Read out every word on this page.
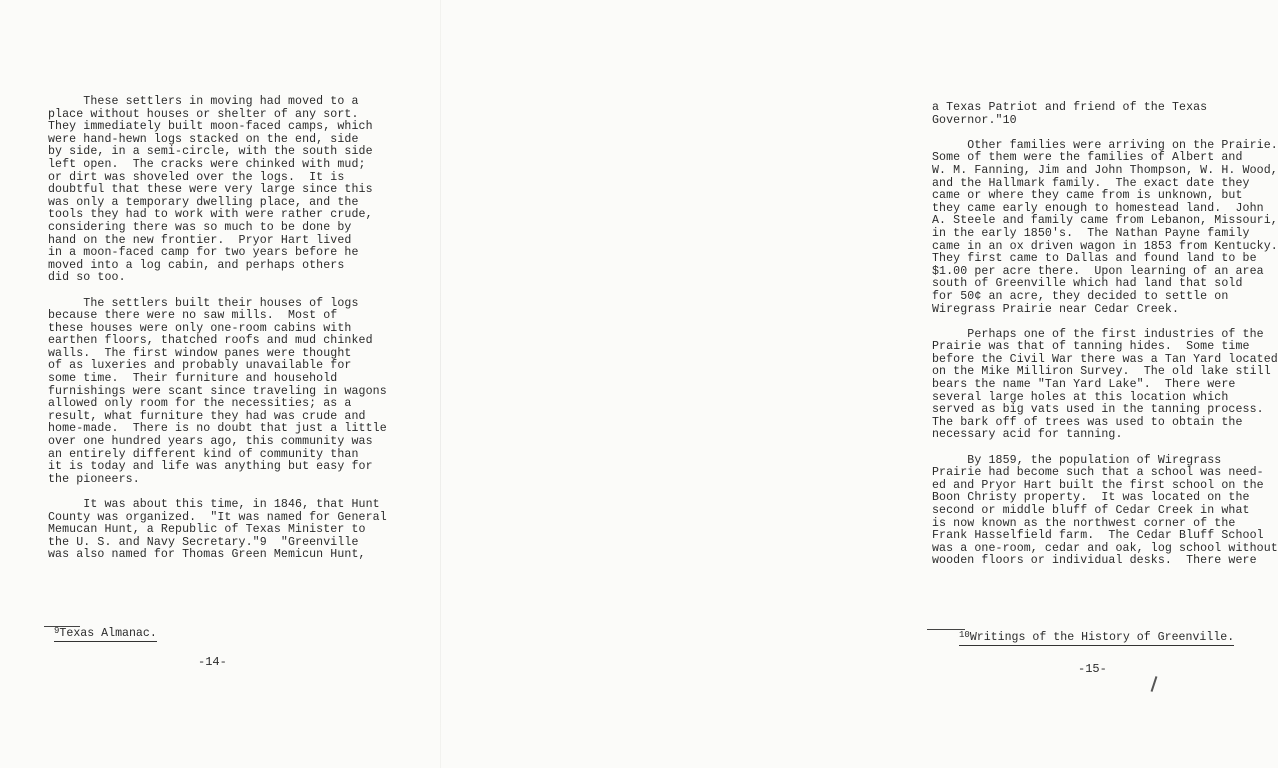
These settlers in moving had moved to a
place without houses or shelter of any sort.
They immediately built moon-faced camps, which
were hand-hewn logs stacked on the end, side
by side, in a semi-circle, with the south side
left open.  The cracks were chinked with mud;
or dirt was shoveled over the logs.  It is
doubtful that these were very large since this
was only a temporary dwelling place, and the
tools they had to work with were rather crude,
considering there was so much to be done by
hand on the new frontier.  Pryor Hart lived
in a moon-faced camp for two years before he
moved into a log cabin, and perhaps others
did so too.

The settlers built their houses of logs
because there were no saw mills.  Most of
these houses were only one-room cabins with
earthen floors, thatched roofs and mud chinked
walls.  The first window panes were thought
of as luxeries and probably unavailable for
some time.  Their furniture and household
furnishings were scant since traveling in wagons
allowed only room for the necessities; as a
result, what furniture they had was crude and
home-made.  There is no doubt that just a little
over one hundred years ago, this community was
an entirely different kind of community than
it is today and life was anything but easy for
the pioneers.

It was about this time, in 1846, that Hunt
County was organized.  "It was named for General
Memucan Hunt, a Republic of Texas Minister to
the U. S. and Navy Secretary."9  "Greenville
was also named for Thomas Green Memicun Hunt,
$^9$Texas Almanac.
-14-
a Texas Patriot and friend of the Texas
Governor."10

Other families were arriving on the Prairie.
Some of them were the families of Albert and
W. M. Fanning, Jim and John Thompson, W. H. Wood,
and the Hallmark family.  The exact date they
came or where they came from is unknown, but
they came early enough to homestead land.  John
A. Steele and family came from Lebanon, Missouri,
in the early 1850's.  The Nathan Payne family
came in an ox driven wagon in 1853 from Kentucky.
They first came to Dallas and found land to be
$1.00 per acre there.  Upon learning of an area
south of Greenville which had land that sold
for 50¢ an acre, they decided to settle on
Wiregrass Prairie near Cedar Creek.

Perhaps one of the first industries of the
Prairie was that of tanning hides.  Some time
before the Civil War there was a Tan Yard located
on the Mike Milliron Survey.  The old lake still
bears the name "Tan Yard Lake".  There were
several large holes at this location which
served as big vats used in the tanning process.
The bark off of trees was used to obtain the
necessary acid for tanning.

By 1859, the population of Wiregrass
Prairie had become such that a school was need-
ed and Pryor Hart built the first school on the
Boon Christy property.  It was located on the
second or middle bluff of Cedar Creek in what
is now known as the northwest corner of the
Frank Hasselfield farm.  The Cedar Bluff School
was a one-room, cedar and oak, log school without
wooden floors or individual desks.  There were
$^{10}$Writings of the History of Greenville.
-15-
